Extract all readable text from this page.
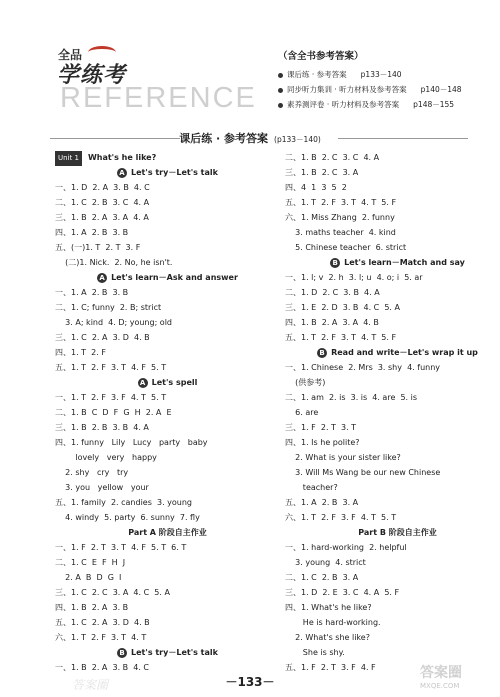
全品
学练考
REFERENCE
（含全书参考答案）
课后练 · 参考答案 p133－140
同步听力集训 · 听力材料及参考答案 p140－148
素养测评卷 · 听力材料及参考答案 p148－155
课后练 · 参考答案 (p133－140)
Unit 1 What's he like?
A Let's try－Let's talk
一、1. D  2. A  3. B  4. C
二、1. C  2. B  3. C  4. A
三、1. B  2. A  3. A  4. A
四、1. A  2. B  3. B
五、(一)1. T  2. T  3. F
(二)1. Nick.  2. No, he isn't.
A Let's learn－Ask and answer
一、1. A  2. B  3. B
二、1. C; funny  2. B; strict
3. A; kind  4. D; young; old
三、1. C  2. A  3. D  4. B
四、1. T  2. F
五、1. T  2. F  3. T  4. F  5. T
A Let's spell
一、1. T  2. F  3. F  4. T  5. T
二、1. B  C  D  F  G  H  2. A  E
三、1. B  2. B  3. B  4. A
四、1. funny   Lily   Lucy   party   baby
lovely   very   happy
2. shy   cry   try
3. you   yellow   your
五、1. family  2. candies  3. young
4. windy  5. party  6. sunny  7. fly
Part A 阶段自主作业
一、1. F  2. T  3. T  4. F  5. T  6. T
二、1. C  E  F  H  J
2. A  B  D  G  I
三、1. C  2. C  3. A  4. C  5. A
四、1. B  2. A  3. B
五、1. C  2. A  3. D  4. B
六、1. T  2. F  3. T  4. T
B Let's try－Let's talk
一、1. B  2. A  3. B  4. C
二、1. B  2. C  3. C  4. A
三、1. B  2. C  3. A
四、4  1  3  5  2
五、1. T  2. F  3. T  4. T  5. F
六、1. Miss Zhang  2. funny
3. maths teacher  4. kind
5. Chinese teacher  6. strict
B Let's learn－Match and say
一、1. l; v  2. h  3. l; u  4. o; i  5. ar
二、1. D  2. C  3. B  4. A
三、1. E  2. D  3. B  4. C  5. A
四、1. B  2. A  3. A  4. B
五、1. T  2. F  3. T  4. T  5. F
B Read and write－Let's wrap it up
一、1. Chinese  2. Mrs  3. shy  4. funny
(供参考)
二、1. am  2. is  3. is  4. are  5. is
6. are
三、1. F  2. T  3. T
四、1. Is he polite?
2. What is your sister like?
3. Will Ms Wang be our new Chinese
teacher?
五、1. A  2. B  3. A
六、1. T  2. F  3. F  4. T  5. T
Part B 阶段自主作业
一、1. hard-working  2. helpful
3. young  4. strict
二、1. C  2. B  3. A
三、1. D  2. E  3. C  4. A  5. F
四、1. What's he like?
He is hard-working.
2. What's she like?
She is shy.
五、1. F  2. T  3. F  4. F
－133－
答案圈
答案圈
MXQE.COM
